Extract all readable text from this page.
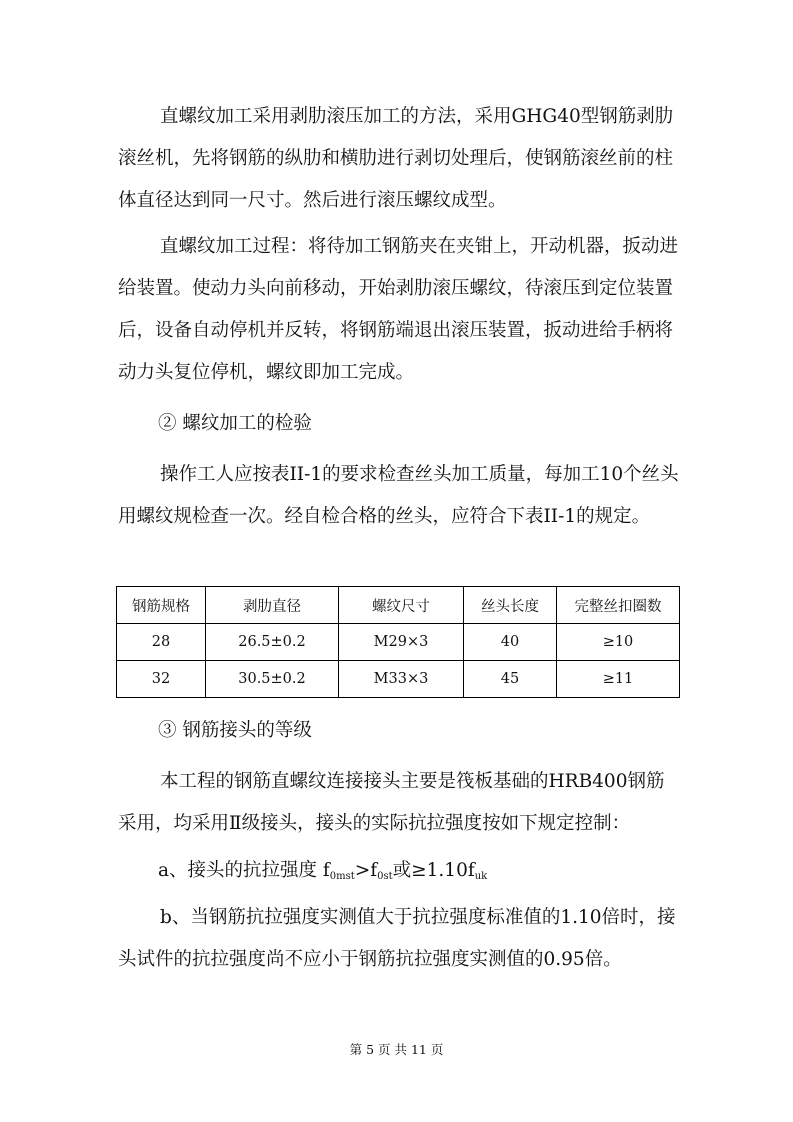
直螺纹加工采用剥肋滚压加工的方法，采用GHG40型钢筋剥肋滚丝机，先将钢筋的纵肋和横肋进行剥切处理后，使钢筋滚丝前的柱体直径达到同一尺寸。然后进行滚压螺纹成型。
直螺纹加工过程：将待加工钢筋夹在夹钳上，开动机器，扳动进给装置。使动力头向前移动，开始剥肋滚压螺纹，待滚压到定位装置后，设备自动停机并反转，将钢筋端退出滚压装置，扳动进给手柄将动力头复位停机，螺纹即加工完成。
② 螺纹加工的检验
操作工人应按表II-1的要求检查丝头加工质量，每加工10个丝头用螺纹规检查一次。经自检合格的丝头，应符合下表II-1的规定。
钢筋规格	剥肋直径	螺纹尺寸	丝头长度	完整丝扣圈数
28	26.5±0.2	M29×3	40	≥10
32	30.5±0.2	M33×3	45	≥11
③ 钢筋接头的等级
本工程的钢筋直螺纹连接接头主要是筏板基础的HRB400钢筋采用，均采用Ⅱ级接头，接头的实际抗拉强度按如下规定控制：
a、接头的抗拉强度 $f_{0mst}>f_{0st}$或$\ge 1.10f_{uk}$
b、当钢筋抗拉强度实测值大于抗拉强度标准值的1.10倍时，接头试件的抗拉强度尚不应小于钢筋抗拉强度实测值的0.95倍。
第 5 页 共 11 页
